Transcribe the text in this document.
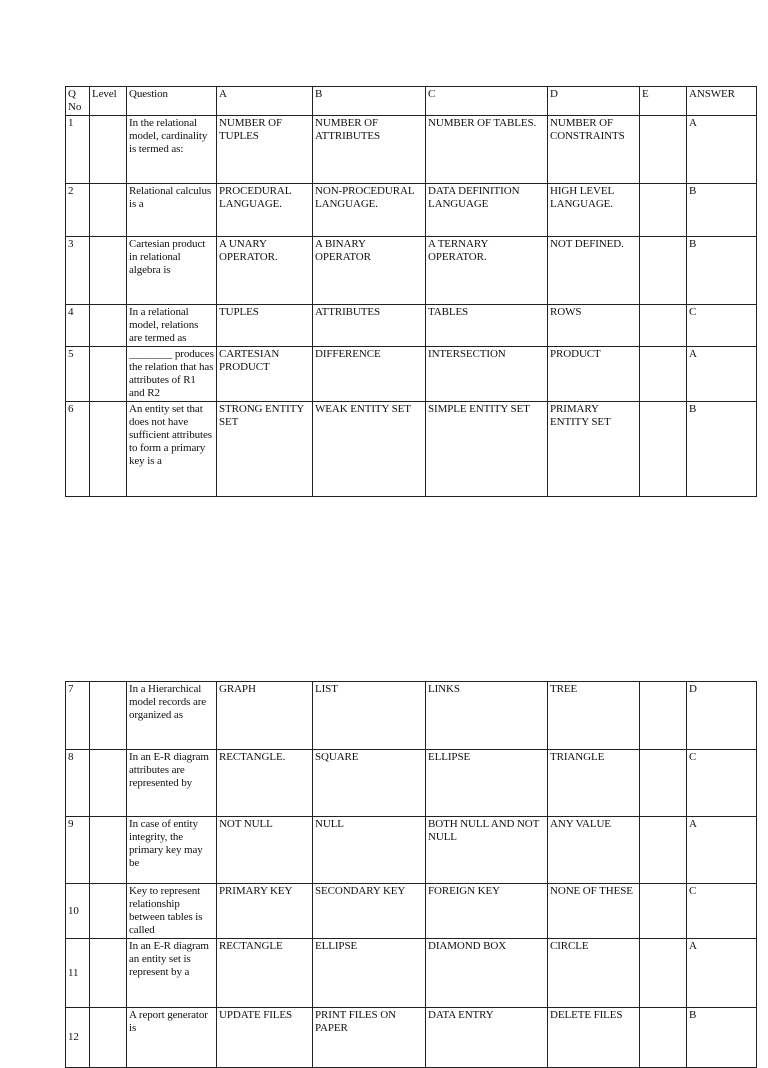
Q No	Level	Question	A	B	C	D	E	ANSWER
1		In the relational model, cardinality is termed as:	NUMBER OF TUPLES	NUMBER OF ATTRIBUTES	NUMBER OF TABLES.	NUMBER OF CONSTRAINTS		A
2		Relational calculus is a	PROCEDURAL LANGUAGE.	NON-PROCEDURAL LANGUAGE.	DATA DEFINITION LANGUAGE	HIGH LEVEL LANGUAGE.		B
3		Cartesian product in relational algebra is	A UNARY OPERATOR.	A BINARY OPERATOR	A TERNARY OPERATOR.	NOT DEFINED.		B
4		In a relational model, relations are termed as	TUPLES	ATTRIBUTES	TABLES	ROWS		C
5		________ produces the relation that has attributes of R1 and R2	CARTESIAN PRODUCT	DIFFERENCE	INTERSECTION	PRODUCT		A
6		An entity set that does not have sufficient attributes to form a primary key is a	STRONG ENTITY SET	WEAK ENTITY SET	SIMPLE ENTITY SET	PRIMARY ENTITY SET		B
7		In a Hierarchical model records are organized as	GRAPH	LIST	LINKS	TREE		D
8		In an E-R diagram attributes are represented by	RECTANGLE.	SQUARE	ELLIPSE	TRIANGLE		C
9		In case of entity integrity, the primary key may be	NOT NULL	NULL	BOTH NULL AND NOT NULL	ANY VALUE		A
10		Key to represent relationship between tables is called	PRIMARY KEY	SECONDARY KEY	FOREIGN KEY	NONE OF THESE		C
11		In an E-R diagram an entity set is represent by a	RECTANGLE	ELLIPSE	DIAMOND BOX	CIRCLE		A
12		A report generator is	UPDATE FILES	PRINT FILES ON PAPER	DATA ENTRY	DELETE FILES		B
